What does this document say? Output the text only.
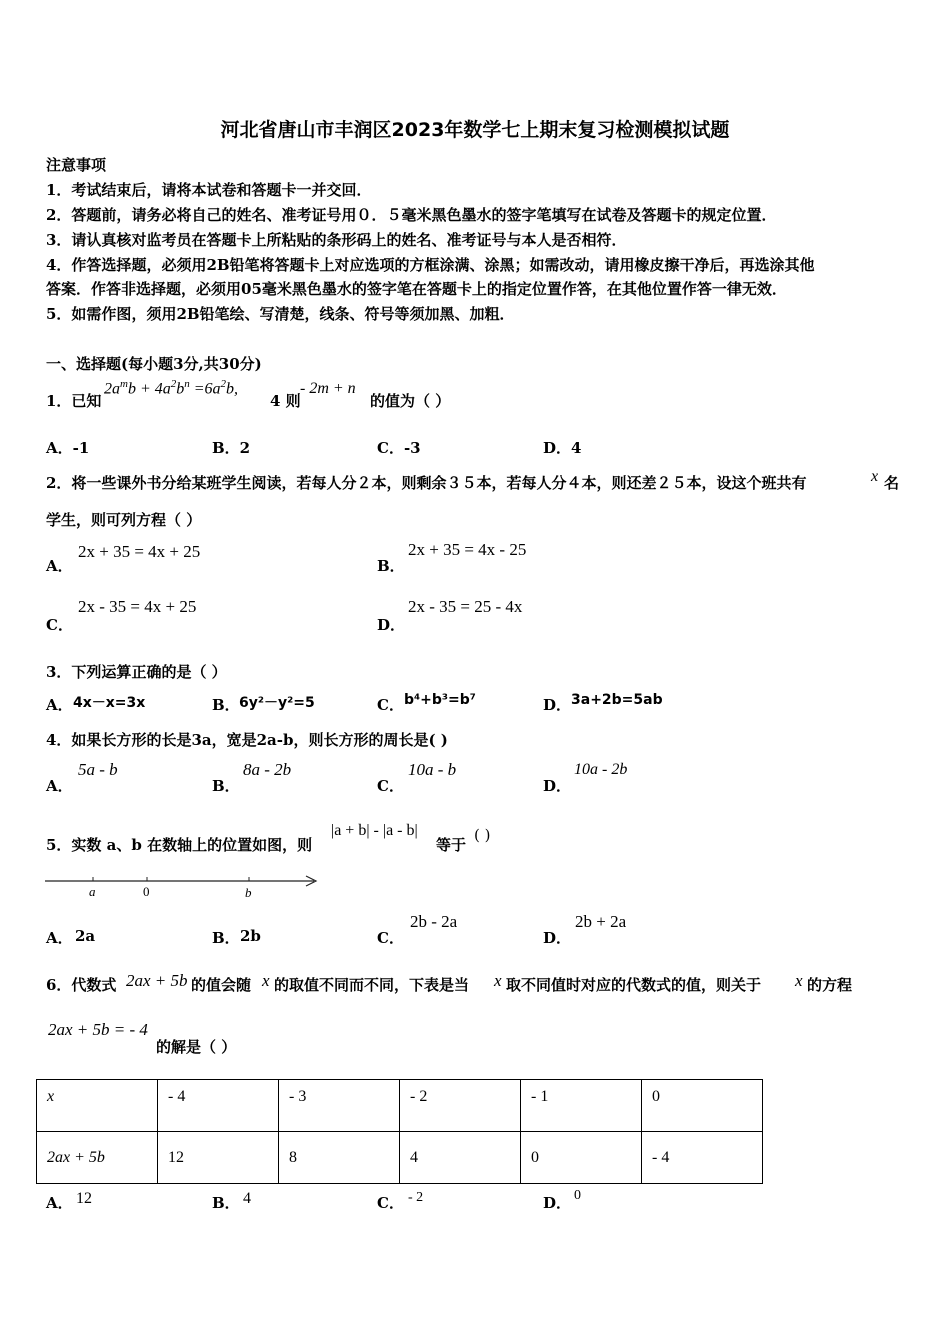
河北省唐山市丰润区2023年数学七上期末复习检测模拟试题
注意事项
1．考试结束后，请将本试卷和答题卡一并交回．
2．答题前，请务必将自己的姓名、准考证号用０．５毫米黑色墨水的签字笔填写在试卷及答题卡的规定位置．
3．请认真核对监考员在答题卡上所粘贴的条形码上的姓名、准考证号与本人是否相符．
4．作答选择题，必须用2B铅笔将答题卡上对应选项的方框涂满、涂黑；如需改动，请用橡皮擦干净后，再选涂其他
答案．作答非选择题，必须用05毫米黑色墨水的签字笔在答题卡上的指定位置作答，在其他位置作答一律无效．
5．如需作图，须用2B铅笔绘、写清楚，线条、符号等须加黑、加粗．
一、选择题(每小题3分,共30分)
1．已知
$2a^mb + 4a^2b^n =6a^2b$,
4 则
- 2m + n
的值为（ ）
A．-1	B．2	C．-3	D．4
2．将一些课外书分给某班学生阅读，若每人分２本，则剩余３５本，若每人分４本，则还差２５本，设这个班共有	x 名
学生，则可列方程（ ）
A．
2x + 35 = 4x + 25
B．
2x + 35 = 4x - 25
C．
2x - 35 = 4x + 25
D．
2x - 35 = 25 - 4x
3．下列运算正确的是（ ）
A． 4x－x=3x	B． 6y²－y²=5	C． b⁴+b³=b⁷	D． 3a+2b=5ab
4．如果长方形的长是3a，宽是2a-b，则长方形的周长是( )
A．
5a - b
B．
8a - 2b
C．
10a - b
D．
10a - 2b
5．实数 a、b 在数轴上的位置如图，则
|a + b| - |a - b|
等于
( )
a	0	b
A． 2a	B． 2b	C．
2b - 2a
D．
2b + 2a
6．代数式 2ax + 5b 的值会随 x 的取值不同而不同，下表是当 x 取不同值时对应的代数式的值，则关于 x 的方程
2ax + 5b = - 4
的解是（ ）
x	- 4	- 3	- 2	- 1	0
2ax + 5b	12	8	4	0	- 4
A． 12	B． 4	C． - 2	D． 0
